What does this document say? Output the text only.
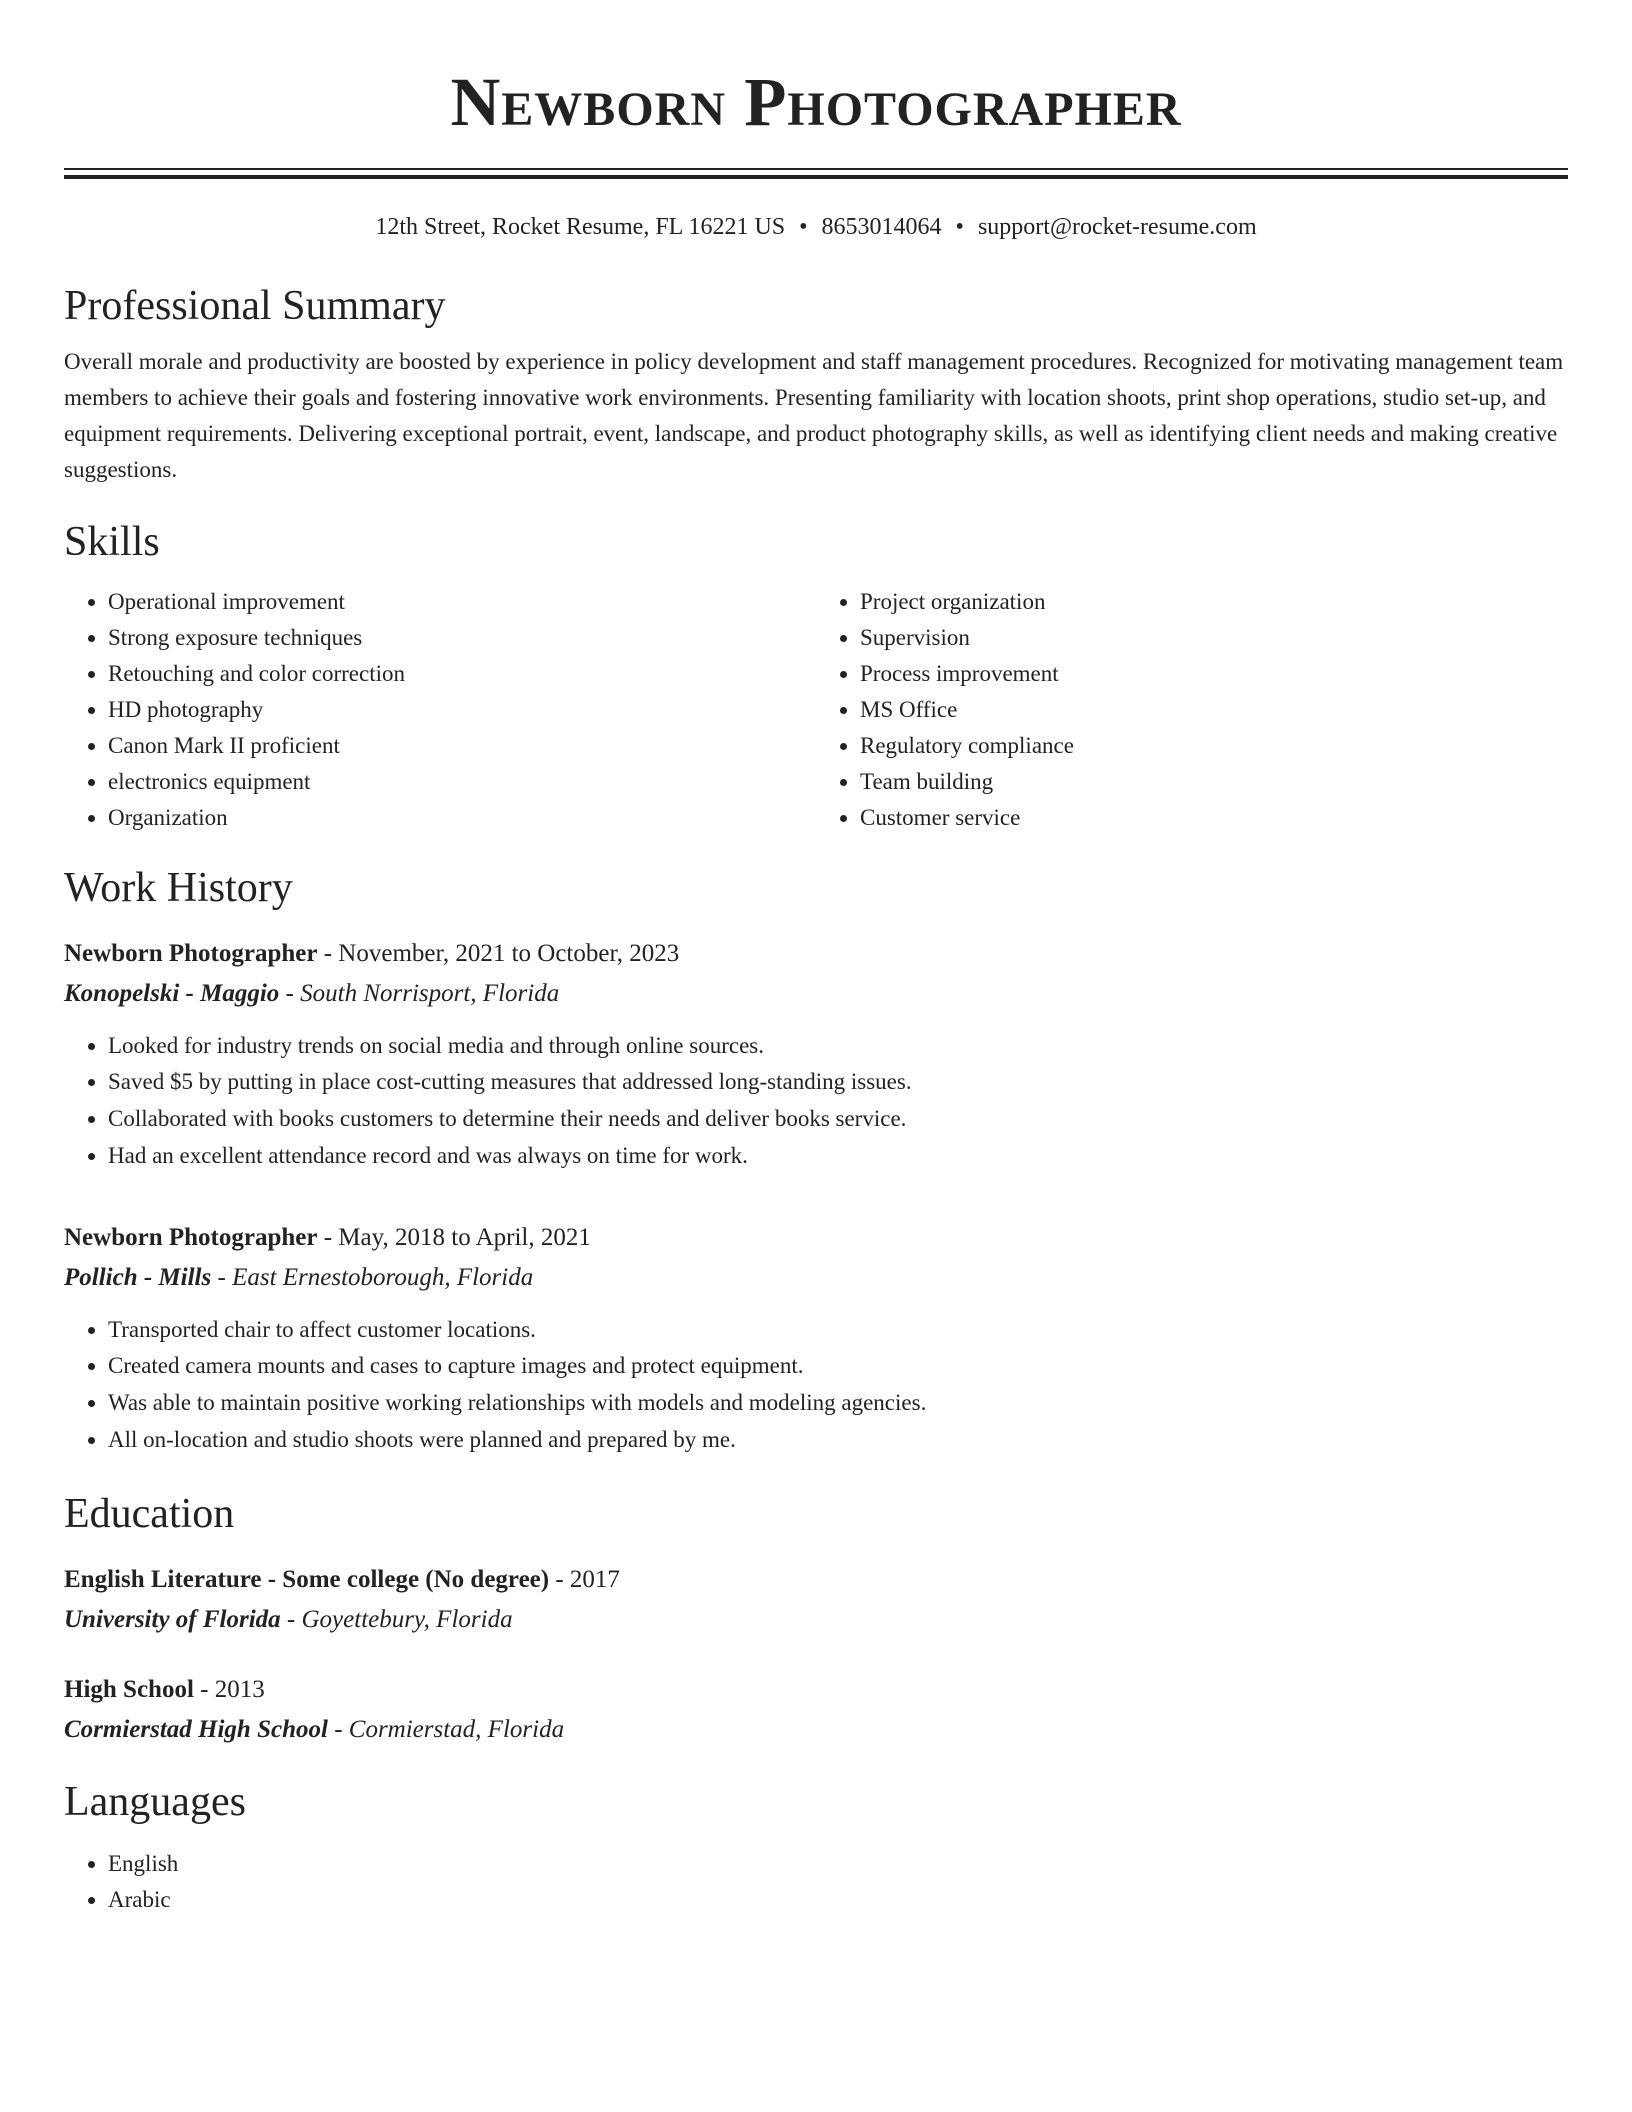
Newborn Photographer
12th Street, Rocket Resume, FL 16221 US • 8653014064 • support@rocket-resume.com
Professional Summary

Overall morale and productivity are boosted by experience in policy development and staff management procedures. Recognized for motivating management team members to achieve their goals and fostering innovative work environments. Presenting familiarity with location shoots, print shop operations, studio set-up, and equipment requirements. Delivering exceptional portrait, event, landscape, and product photography skills, as well as identifying client needs and making creative suggestions.

Skills
• Operational improvement
• Strong exposure techniques
• Retouching and color correction
• HD photography
• Canon Mark II proficient
• electronics equipment
• Organization
• Project organization
• Supervision
• Process improvement
• MS Office
• Regulatory compliance
• Team building
• Customer service
Work History
Newborn Photographer - November, 2021 to October, 2023
Konopelski - Maggio - South Norrisport, Florida
• Looked for industry trends on social media and through online sources.
• Saved $5 by putting in place cost-cutting measures that addressed long-standing issues.
• Collaborated with books customers to determine their needs and deliver books service.
• Had an excellent attendance record and was always on time for work.
Newborn Photographer - May, 2018 to April, 2021
Pollich - Mills - East Ernestoborough, Florida
• Transported chair to affect customer locations.
• Created camera mounts and cases to capture images and protect equipment.
• Was able to maintain positive working relationships with models and modeling agencies.
• All on-location and studio shoots were planned and prepared by me.
Education
English Literature - Some college (No degree) - 2017
University of Florida - Goyettebury, Florida
High School - 2013
Cormierstad High School - Cormierstad, Florida
Languages
• English
• Arabic
